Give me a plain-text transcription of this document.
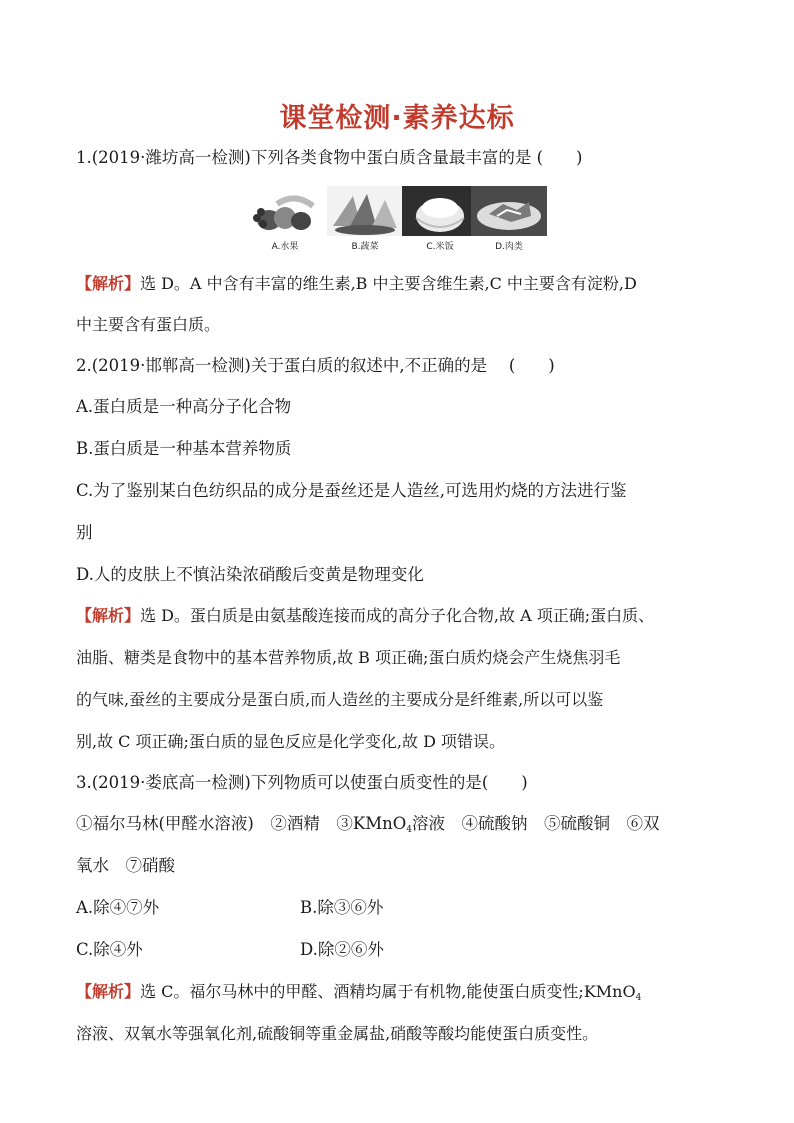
课堂检测·素养达标
1.(2019·潍坊高一检测)下列各类食物中蛋白质含量最丰富的是 (　　)
A.水果	B.蔬菜	C.米饭	D.肉类
【解析】选 D。A 中含有丰富的维生素,B 中主要含维生素,C 中主要含有淀粉,D
中主要含有蛋白质。
2.(2019·邯郸高一检测)关于蛋白质的叙述中,不正确的是　 (　　)
A.蛋白质是一种高分子化合物
B.蛋白质是一种基本营养物质
C.为了鉴别某白色纺织品的成分是蚕丝还是人造丝,可选用灼烧的方法进行鉴
别
D.人的皮肤上不慎沾染浓硝酸后变黄是物理变化
【解析】选 D。蛋白质是由氨基酸连接而成的高分子化合物,故 A 项正确;蛋白质、
油脂、糖类是食物中的基本营养物质,故 B 项正确;蛋白质灼烧会产生烧焦羽毛
的气味,蚕丝的主要成分是蛋白质,而人造丝的主要成分是纤维素,所以可以鉴
别,故 C 项正确;蛋白质的显色反应是化学变化,故 D 项错误。
3.(2019·娄底高一检测)下列物质可以使蛋白质变性的是(　　)
①福尔马林(甲醛水溶液)　②酒精　③KMnO4溶液　④硫酸钠　⑤硫酸铜　⑥双
氧水　⑦硝酸
A.除④⑦外	B.除③⑥外
C.除④外	D.除②⑥外
【解析】选 C。福尔马林中的甲醛、酒精均属于有机物,能使蛋白质变性;KMnO4
溶液、双氧水等强氧化剂,硫酸铜等重金属盐,硝酸等酸均能使蛋白质变性。
